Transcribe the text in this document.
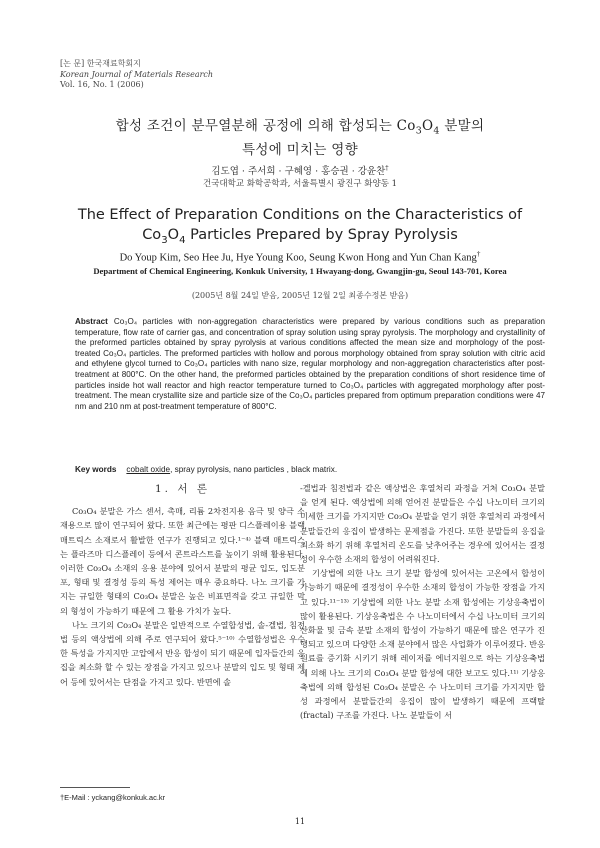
[논 문] 한국재료학회지
Korean Journal of Materials Research
Vol. 16, No. 1 (2006)
합성 조건이 분무열분해 공정에 의해 합성되는 $Co_3O_4$ 분말의
특성에 미치는 영향
김도엽 · 주서희 · 구혜영 · 홍승권 · 강윤찬†
건국대학교 화학공학과, 서울특별시 광진구 화양동 1
The Effect of Preparation Conditions on the Characteristics of
$Co_3O_4$ Particles Prepared by Spray Pyrolysis
Do Youp Kim, Seo Hee Ju, Hye Young Koo, Seung Kwon Hong and Yun Chan Kang†
Department of Chemical Engineering, Konkuk University, 1 Hwayang-dong, Gwangjin-gu, Seoul 143-701, Korea
(2005년 8월 24일 받음, 2005년 12월 2일 최종수정본 받음)
Abstract Co₃O₄ particles with non-aggregation characteristics were prepared by various conditions such as preparation temperature, flow rate of carrier gas, and concentration of spray solution using spray pyrolysis. The morphology and crystallinity of the preformed particles obtained by spray pyrolysis at various conditions affected the mean size and morphology of the post-treated Co₃O₄ particles. The preformed particles with hollow and porous morphology obtained from spray solution with citric acid and ethylene glycol turned to Co₃O₄ particles with nano size, regular morphology and non-aggregation characteristics after post-treatment at 800°C. On the other hand, the preformed particles obtained by the preparation conditions of short residence time of particles inside hot wall reactor and high reactor temperature turned to Co₃O₄ particles with aggregated morphology after post-treatment. The mean crystallite size and particle size of the Co₃O₄ particles prepared from optimum preparation conditions were 47 nm and 210 nm at post-treatment temperature of 800°C.
Key words cobalt oxide, spray pyrolysis, nano particles , black matrix.
1. 서 론

Co₃O₄ 분말은 가스 센서, 촉매, 리튬 2차전지용 음극 및 양극 소재용으로 많이 연구되어 왔다. 또한 최근에는 평판 디스플레이용 블랙 매트릭스 소재로서 활발한 연구가 진행되고 있다.¹⁻⁴⁾ 블랙 매트릭스는 플라즈마 디스플레이 등에서 콘트라스트를 높이기 위해 활용된다. 이러한 Co₃O₄ 소재의 응용 분야에 있어서 분말의 평균 입도, 입도분포, 형태 및 결정성 등의 특성 제어는 매우 중요하다. 나노 크기를 가지는 규일한 형태의 Co₃O₄ 분말은 높은 비표면적을 갖고 규일한 막의 형성이 가능하기 때문에 그 활용 가치가 높다.

나노 크기의 Co₃O₄ 분말은 일반적으로 수열합성법, 솔-겔법, 침전법 등의 액상법에 의해 주로 연구되어 왔다.⁵⁻¹⁰⁾ 수열합성법은 우수한 특성을 가지지만 고압에서 반응 합성이 되기 때문에 입자들간의 응집을 최소화 할 수 있는 장점을 가지고 있으나 분말의 입도 및 형태 제어 등에 있어서는 단점을 가지고 있다. 반면에 솔

-겔법과 침전법과 같은 액상법은 후열처리 과정을 거쳐 Co₃O₄ 분말을 얻게 된다. 액상법에 의해 얻어진 분말들은 수십 나노미터 크기의 미세한 크기를 가지지만 Co₃O₄ 분말을 얻기 위한 후열처리 과정에서 분말들간의 응집이 발생하는 문제점을 가진다. 또한 분말들의 응집을 최소화 하기 위해 후열처리 온도를 낮추어주는 경우에 있어서는 결정성이 우수한 소재의 합성이 어려워진다.

기상법에 의한 나노 크기 분말 합성에 있어서는 고온에서 합성이 가능하기 때문에 결정성이 우수한 소재의 합성이 가능한 장점을 가지고 있다.¹¹⁻¹³⁾ 기상법에 의한 나노 분말 소재 합성에는 기상응축법이 많이 활용된다. 기상응축법은 수 나노미터에서 수십 나노미터 크기의 산화물 및 금속 분말 소재의 합성이 가능하기 때문에 많은 연구가 진행되고 있으며 다양한 소재 분야에서 많은 사업화가 이루어졌다. 반응 원료를 증기화 시키기 위해 레이저를 에너지원으로 하는 기상응축법에 의해 나노 크기의 Co₃O₄ 분말 합성에 대한 보고도 있다.¹¹⁾ 기상응축법에 의해 합성된 Co₃O₄ 분말은 수 나노미터 크기를 가지지만 합성 과정에서 분말들간의 응집이 많이 발생하기 때문에 프랙탈(fractal) 구조를 가진다. 나노 분말들이 서

†E-Mail : yckang@konkuk.ac.kr
11
